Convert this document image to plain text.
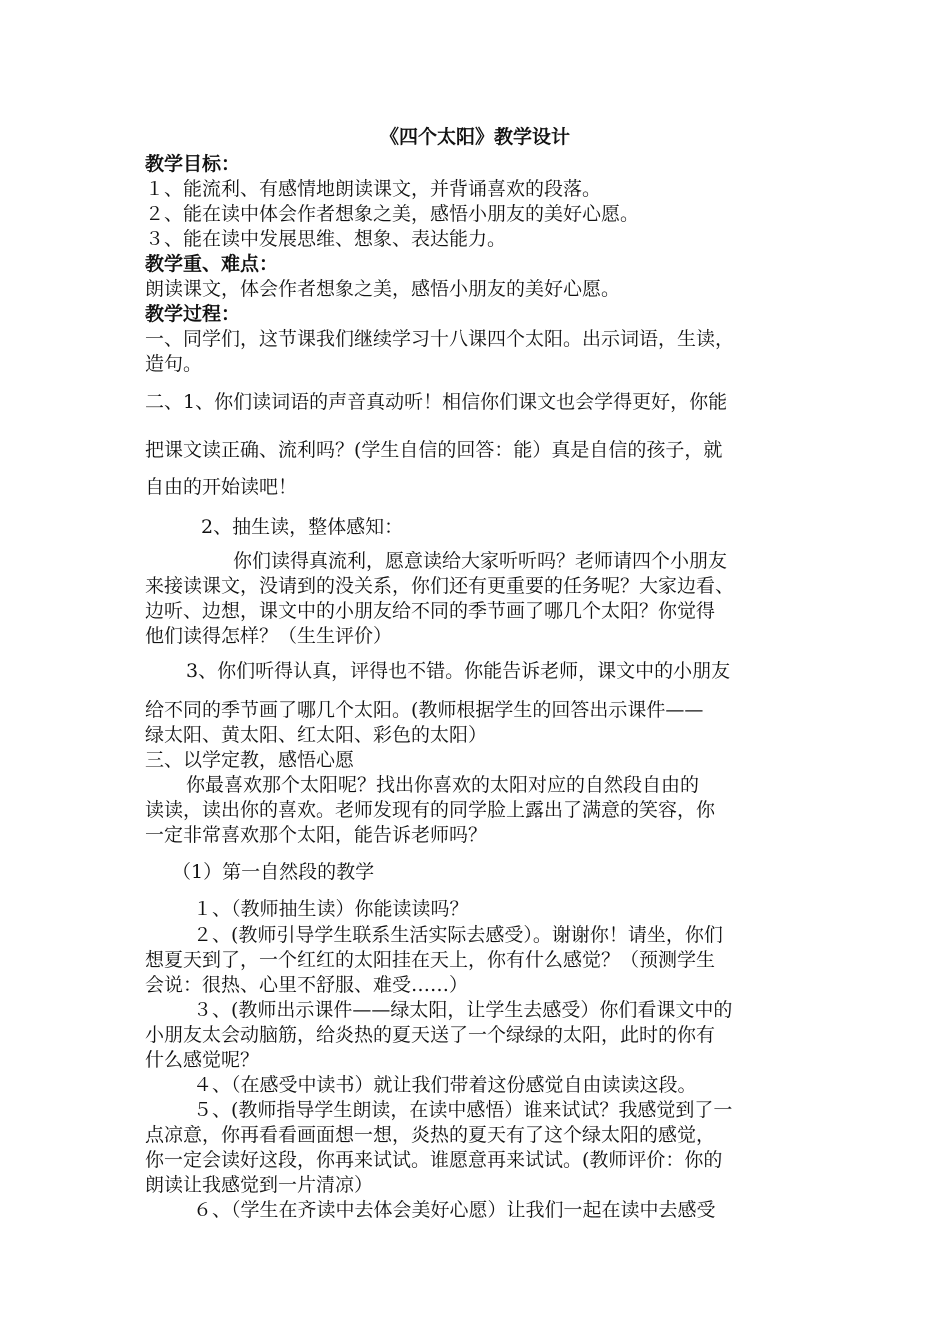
《四个太阳》教学设计
教学目标：
１、能流利、有感情地朗读课文，并背诵喜欢的段落。
２、能在读中体会作者想象之美，感悟小朋友的美好心愿。
３、能在读中发展思维、想象、表达能力。
教学重、难点：
朗读课文，体会作者想象之美，感悟小朋友的美好心愿。
教学过程：
一、同学们，这节课我们继续学习十八课四个太阳。出示词语，生读，
造句。
二、1、你们读词语的声音真动听！相信你们课文也会学得更好，你能
把课文读正确、流利吗？(学生自信的回答：能）真是自信的孩子，就
自由的开始读吧！
2、抽生读，整体感知：
你们读得真流利，愿意读给大家听听吗？老师请四个小朋友
来接读课文，没请到的没关系，你们还有更重要的任务呢？大家边看、
边听、边想，课文中的小朋友给不同的季节画了哪几个太阳？你觉得
他们读得怎样？（生生评价）
3、你们听得认真，评得也不错。你能告诉老师，课文中的小朋友
给不同的季节画了哪几个太阳。(教师根据学生的回答出示课件——
绿太阳、黄太阳、红太阳、彩色的太阳）
三、以学定教，感悟心愿
你最喜欢那个太阳呢？找出你喜欢的太阳对应的自然段自由的
读读，读出你的喜欢。老师发现有的同学脸上露出了满意的笑容，你
一定非常喜欢那个太阳，能告诉老师吗？
（1）第一自然段的教学
１、（教师抽生读）你能读读吗？
２、(教师引导学生联系生活实际去感受）。谢谢你！请坐，你们
想夏天到了，一个红红的太阳挂在天上，你有什么感觉？（预测学生
会说：很热、心里不舒服、难受……）
３、(教师出示课件——绿太阳，让学生去感受）你们看课文中的
小朋友太会动脑筋，给炎热的夏天送了一个绿绿的太阳，此时的你有
什么感觉呢？
４、（在感受中读书）就让我们带着这份感觉自由读读这段。
５、(教师指导学生朗读，在读中感悟）谁来试试？我感觉到了一
点凉意，你再看看画面想一想，炎热的夏天有了这个绿太阳的感觉，
你一定会读好这段，你再来试试。谁愿意再来试试。(教师评价：你的
朗读让我感觉到一片清凉）
６、（学生在齐读中去体会美好心愿）让我们一起在读中去感受
